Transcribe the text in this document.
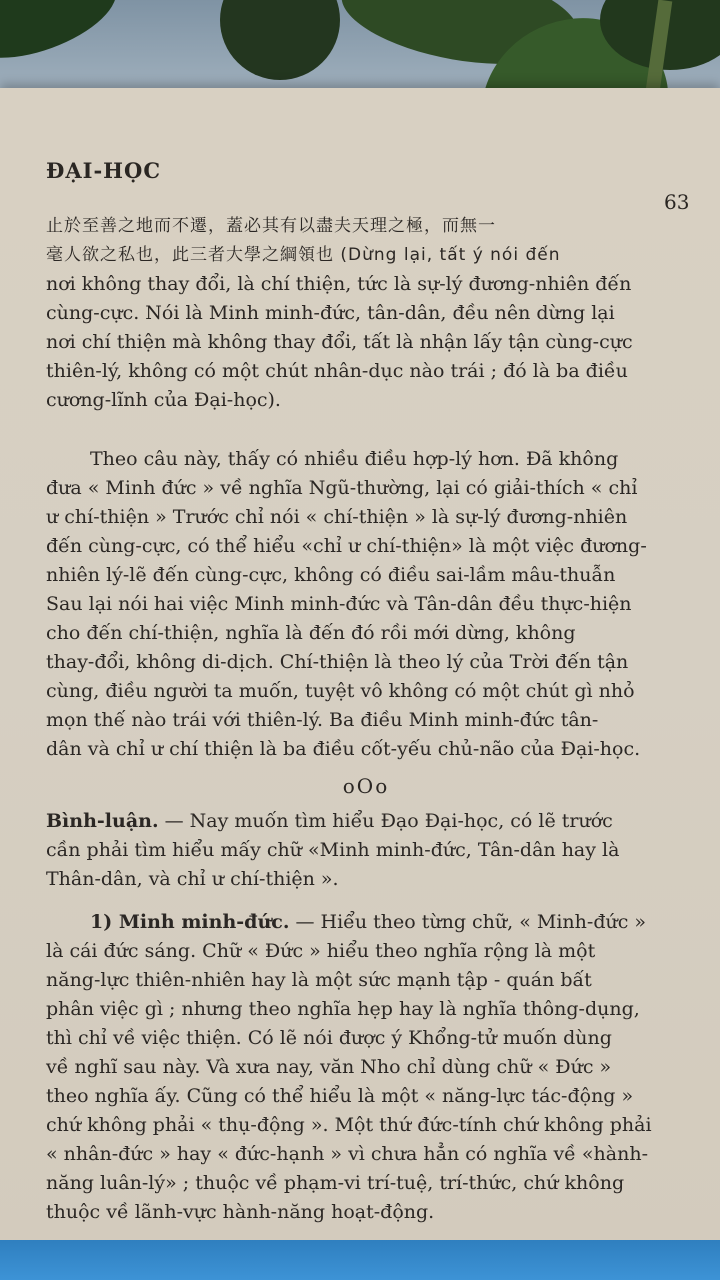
ĐẠI-HỌC
63
止於至善之地而不遷，蓋必其有以盡夫天理之極，而無一
毫人欲之私也，此三者大學之綱領也 (Dừng lại, tất ý nói đến
nơi không thay đổi, là chí thiện, tức là sự-lý đương-nhiên đến
cùng-cực. Nói là Minh minh-đức, tân-dân, đều nên dừng lại
nơi chí thiện mà không thay đổi, tất là nhận lấy tận cùng-cực
thiên-lý, không có một chút nhân-dục nào trái ; đó là ba điều
cương-lĩnh của Đại-học).
Theo câu này, thấy có nhiều điều hợp-lý hơn. Đã không
đưa « Minh đức » về nghĩa Ngũ-thường, lại có giải-thích « chỉ
ư chí-thiện » Trước chỉ nói « chí-thiện » là sự-lý đương-nhiên
đến cùng-cực, có thể hiểu «chỉ ư chí-thiện» là một việc đương-
nhiên lý-lẽ đến cùng-cực, không có điều sai-lầm mâu-thuẫn
Sau lại nói hai việc Minh minh-đức và Tân-dân đều thực-hiện
cho đến chí-thiện, nghĩa là đến đó rồi mới dừng, không
thay-đổi, không di-dịch. Chí-thiện là theo lý của Trời đến tận
cùng, điều người ta muốn, tuyệt vô không có một chút gì nhỏ
mọn thế nào trái với thiên-lý. Ba điều Minh minh-đức tân-
dân và chỉ ư chí thiện là ba điều cốt-yếu chủ-não của Đại-học.
oOo
Bình-luận. — Nay muốn tìm hiểu Đạo Đại-học, có lẽ trước
cần phải tìm hiểu mấy chữ «Minh minh-đức, Tân-dân hay là
Thân-dân, và chỉ ư chí-thiện ».
1) Minh minh-đức. — Hiểu theo từng chữ, « Minh-đức »
là cái đức sáng. Chữ « Đức » hiểu theo nghĩa rộng là một
năng-lực thiên-nhiên hay là một sức mạnh tập - quán bất
phân việc gì ; nhưng theo nghĩa hẹp hay là nghĩa thông-dụng,
thì chỉ về việc thiện. Có lẽ nói được ý Khổng-tử muốn dùng
về nghĩ sau này. Và xưa nay, văn Nho chỉ dùng chữ « Đức »
theo nghĩa ấy. Cũng có thể hiểu là một « năng-lực tác-động »
chứ không phải « thụ-động ». Một thứ đức-tính chứ không phải
« nhân-đức » hay « đức-hạnh » vì chưa hẳn có nghĩa về «hành-
năng luân-lý» ; thuộc về phạm-vi trí-tuệ, trí-thức, chứ không
thuộc về lãnh-vực hành-năng hoạt-động.
